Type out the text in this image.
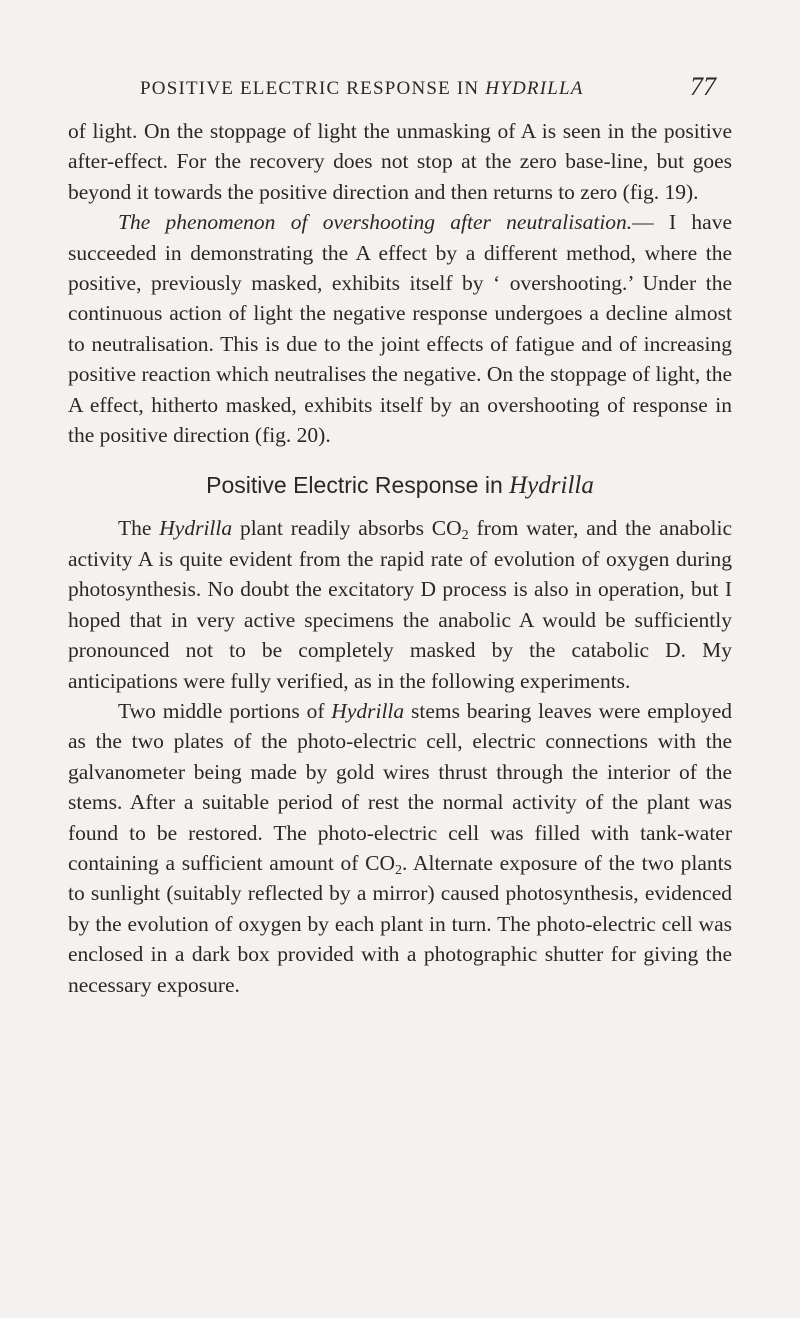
POSITIVE ELECTRIC RESPONSE IN HYDRILLA	77

of light. On the stoppage of light the unmasking of A is seen in the positive after-effect. For the recovery does not stop at the zero base-line, but goes beyond it towards the positive direction and then returns to zero (fig. 19).

The phenomenon of overshooting after neutralisation.— I have succeeded in demonstrating the A effect by a different method, where the positive, previously masked, exhibits itself by ‘ overshooting.’ Under the continuous action of light the negative response undergoes a decline almost to neutralisation. This is due to the joint effects of fatigue and of increasing positive reaction which neutralises the negative. On the stoppage of light, the A effect, hitherto masked, exhibits itself by an overshooting of response in the positive direction (fig. 20).

Positive Electric Response in Hydrilla

The Hydrilla plant readily absorbs $CO_2$ from water, and the anabolic activity A is quite evident from the rapid rate of evolution of oxygen during photosynthesis. No doubt the excitatory D process is also in operation, but I hoped that in very active specimens the anabolic A would be sufficiently pronounced not to be completely masked by the catabolic D. My anticipations were fully verified, as in the following experiments.

Two middle portions of Hydrilla stems bearing leaves were employed as the two plates of the photo-electric cell, electric connections with the galvanometer being made by gold wires thrust through the interior of the stems. After a suitable period of rest the normal activity of the plant was found to be restored. The photo-electric cell was filled with tank-water containing a sufficient amount of $CO_2$. Alternate exposure of the two plants to sunlight (suitably reflected by a mirror) caused photosynthesis, evidenced by the evolution of oxygen by each plant in turn. The photo-electric cell was enclosed in a dark box provided with a photographic shutter for giving the necessary exposure.
